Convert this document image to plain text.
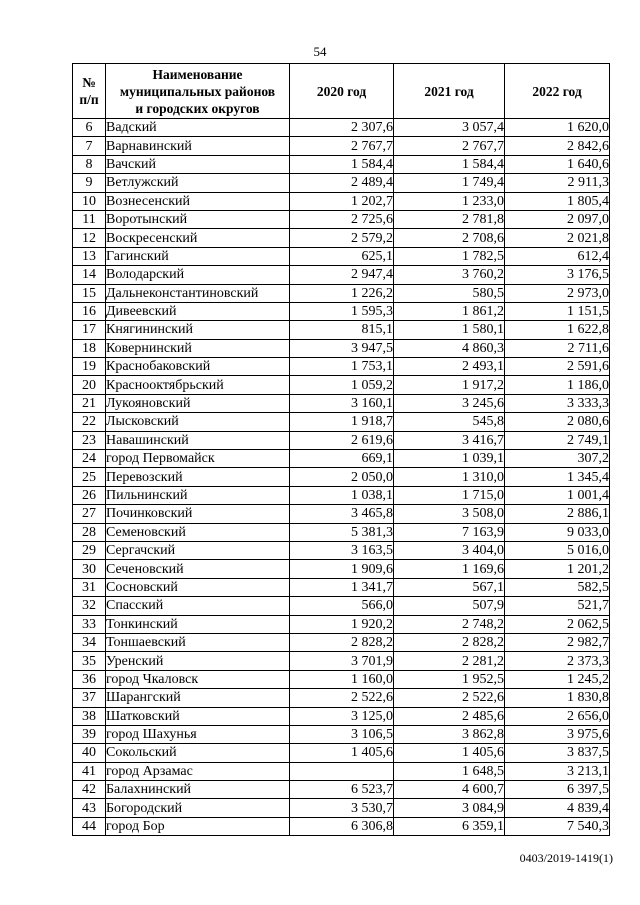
54
№
п/п	Наименование
муниципальных районов
и городских округов	2020 год	2021 год	2022 год
6	Вадский	2 307,6	3 057,4	1 620,0
7	Варнавинский	2 767,7	2 767,7	2 842,6
8	Вачский	1 584,4	1 584,4	1 640,6
9	Ветлужский	2 489,4	1 749,4	2 911,3
10	Вознесенский	1 202,7	1 233,0	1 805,4
11	Воротынский	2 725,6	2 781,8	2 097,0
12	Воскресенский	2 579,2	2 708,6	2 021,8
13	Гагинский	625,1	1 782,5	612,4
14	Володарский	2 947,4	3 760,2	3 176,5
15	Дальнеконстантиновский	1 226,2	580,5	2 973,0
16	Дивеевский	1 595,3	1 861,2	1 151,5
17	Княгининский	815,1	1 580,1	1 622,8
18	Ковернинский	3 947,5	4 860,3	2 711,6
19	Краснобаковский	1 753,1	2 493,1	2 591,6
20	Краснооктябрьский	1 059,2	1 917,2	1 186,0
21	Лукояновский	3 160,1	3 245,6	3 333,3
22	Лысковский	1 918,7	545,8	2 080,6
23	Навашинский	2 619,6	3 416,7	2 749,1
24	город Первомайск	669,1	1 039,1	307,2
25	Перевозский	2 050,0	1 310,0	1 345,4
26	Пильнинский	1 038,1	1 715,0	1 001,4
27	Починковский	3 465,8	3 508,0	2 886,1
28	Семеновский	5 381,3	7 163,9	9 033,0
29	Сергачский	3 163,5	3 404,0	5 016,0
30	Сеченовский	1 909,6	1 169,6	1 201,2
31	Сосновский	1 341,7	567,1	582,5
32	Спасский	566,0	507,9	521,7
33	Тонкинский	1 920,2	2 748,2	2 062,5
34	Тоншаевский	2 828,2	2 828,2	2 982,7
35	Уренский	3 701,9	2 281,2	2 373,3
36	город Чкаловск	1 160,0	1 952,5	1 245,2
37	Шарангский	2 522,6	2 522,6	1 830,8
38	Шатковский	3 125,0	2 485,6	2 656,0
39	город Шахунья	3 106,5	3 862,8	3 975,6
40	Сокольский	1 405,6	1 405,6	3 837,5
41	город Арзамас		1 648,5	3 213,1
42	Балахнинский	6 523,7	4 600,7	6 397,5
43	Богородский	3 530,7	3 084,9	4 839,4
44	город Бор	6 306,8	6 359,1	7 540,3
0403/2019-1419(1)
